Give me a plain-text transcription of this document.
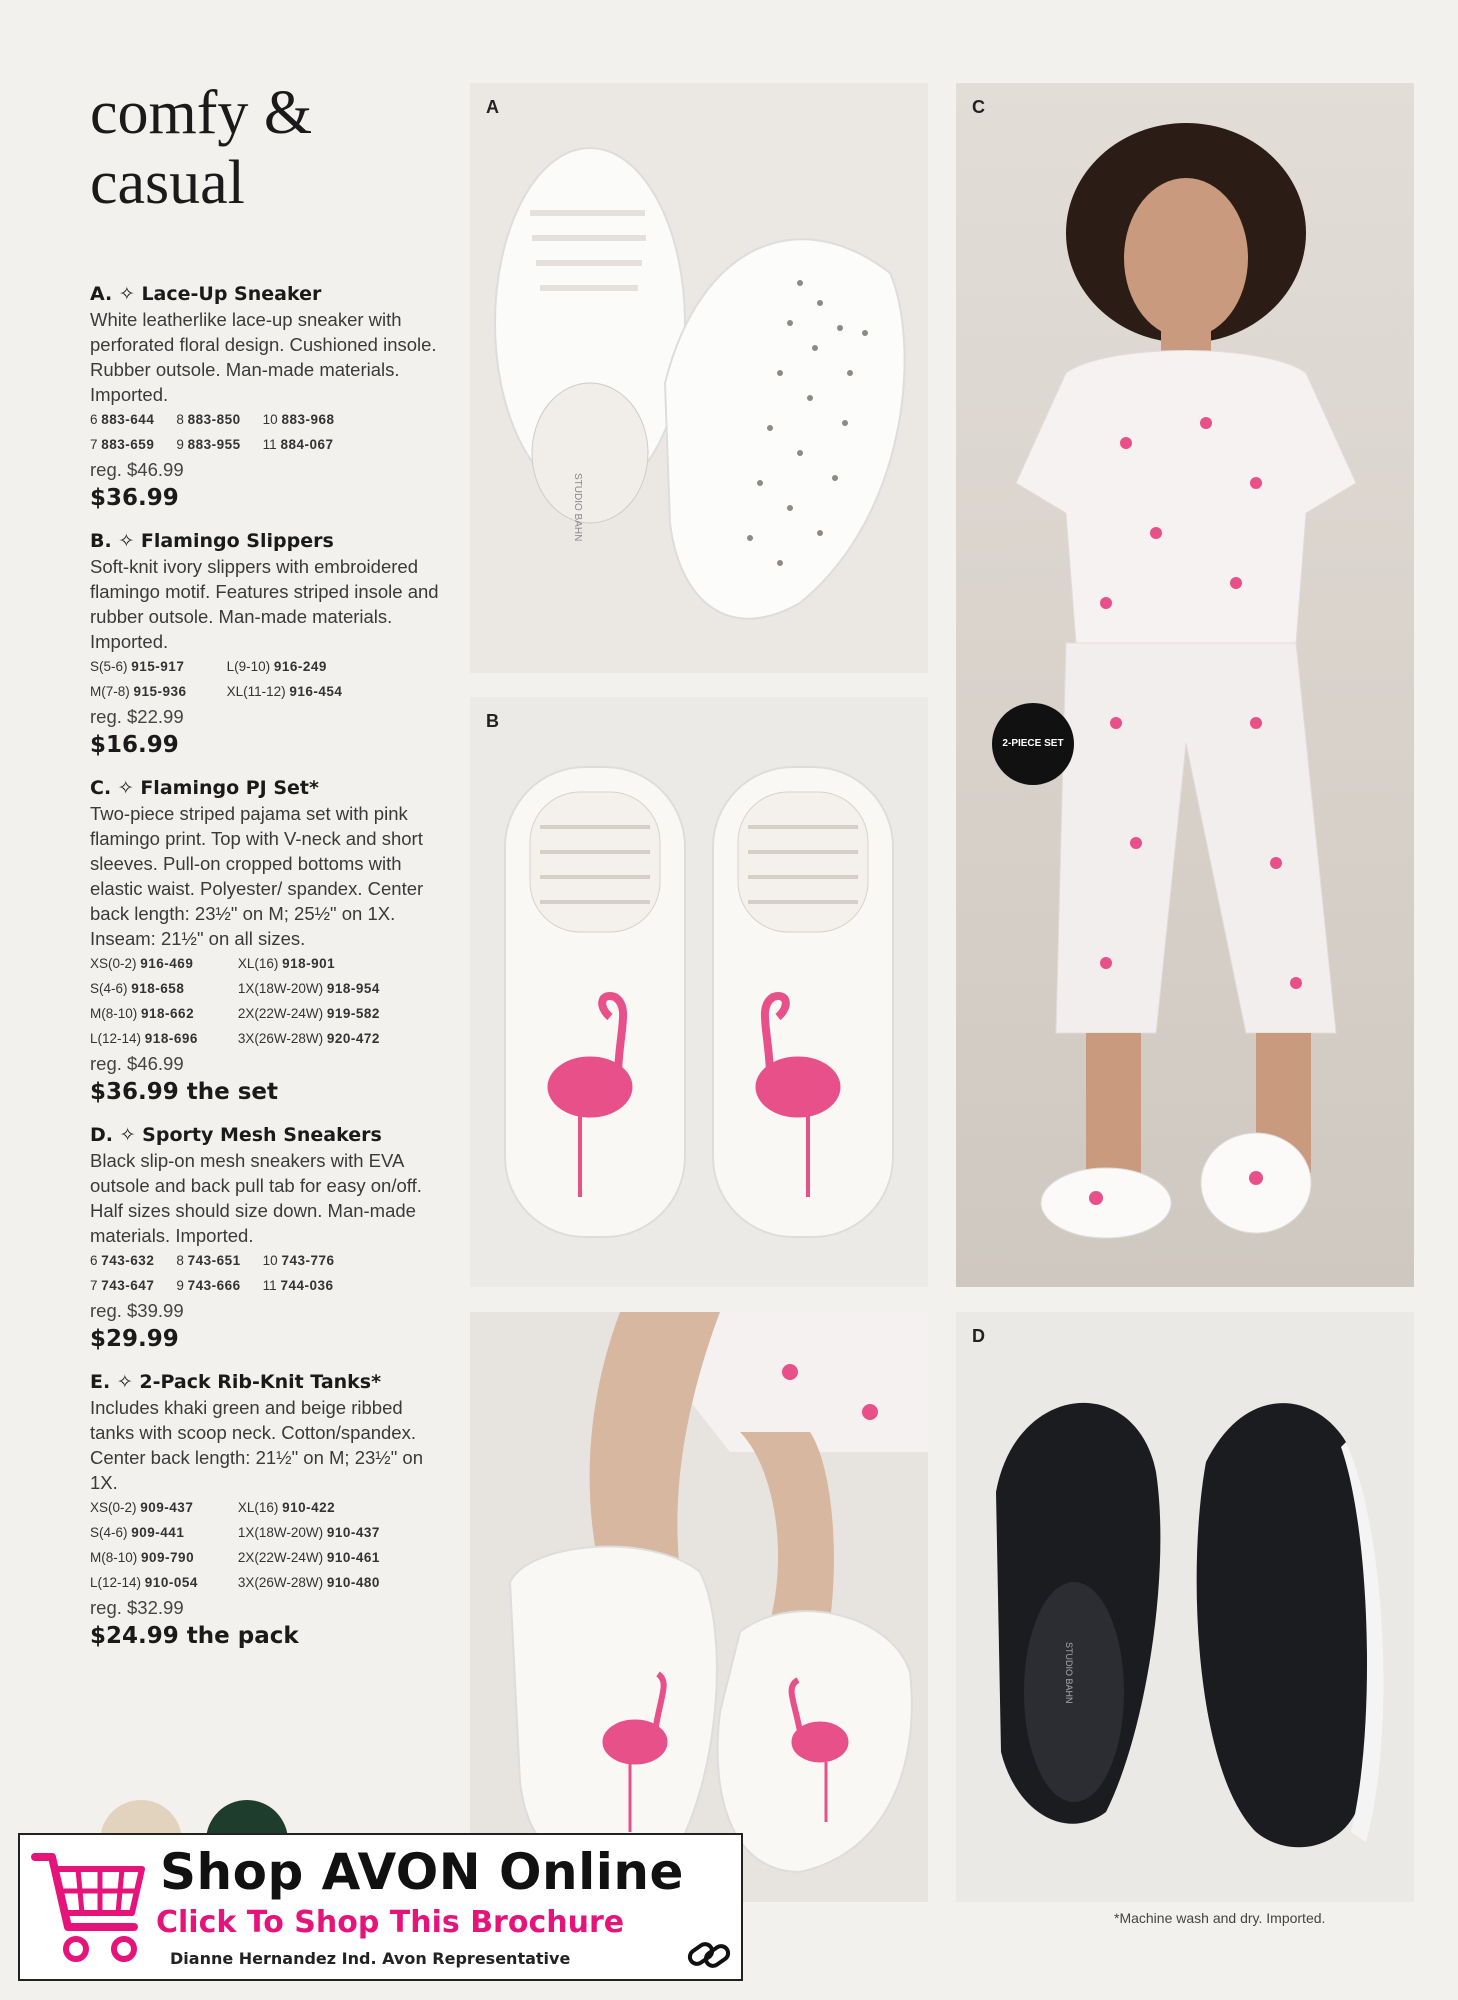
comfy &
casual
A. ✧ Lace-Up Sneaker
White leatherlike lace-up sneaker with perforated floral design. Cushioned insole. Rubber outsole. Man-made materials. Imported.
6 883-644 8 883-850 10 883-968
7 883-659 9 883-955 11 884-067
reg. $46.99
$36.99
B. ✧ Flamingo Slippers
Soft-knit ivory slippers with embroidered flamingo motif. Features striped insole and rubber outsole. Man-made materials. Imported.
S(5-6) 915-917	L(9-10) 916-249
M(7-8) 915-936	XL(11-12) 916-454
reg. $22.99
$16.99
C. ✧ Flamingo PJ Set*
Two-piece striped pajama set with pink flamingo print. Top with V-neck and short sleeves. Pull-on cropped bottoms with elastic waist. Polyester/ spandex. Center back length: 23½" on M; 25½" on 1X. Inseam: 21½" on all sizes.
XS(0-2) 916-469	XL(16) 918-901
S(4-6) 918-658	1X(18W-20W) 918-954
M(8-10) 918-662	2X(22W-24W) 919-582
L(12-14) 918-696	3X(26W-28W) 920-472
reg. $46.99
$36.99 the set
D. ✧ Sporty Mesh Sneakers
Black slip-on mesh sneakers with EVA outsole and back pull tab for easy on/off. Half sizes should size down. Man-made materials. Imported.
6 743-632 8 743-651 10 743-776
7 743-647 9 743-666 11 744-036
reg. $39.99
$29.99
E. ✧ 2-Pack Rib-Knit Tanks*
Includes khaki green and beige ribbed tanks with scoop neck. Cotton/spandex. Center back length: 21½" on M; 23½" on 1X.
XS(0-2) 909-437	XL(16) 910-422
S(4-6) 909-441	1X(18W-20W) 910-437
M(8-10) 909-790	2X(22W-24W) 910-461
L(12-14) 910-054	3X(26W-28W) 910-480
reg. $32.99
$24.99 the pack
A
STUDIO BAHN
B
C
2-PIECE SET
D
STUDIO BAHN
*Machine wash and dry. Imported.
Shop AVON Online
Click To Shop This Brochure
Dianne Hernandez Ind. Avon Representative
